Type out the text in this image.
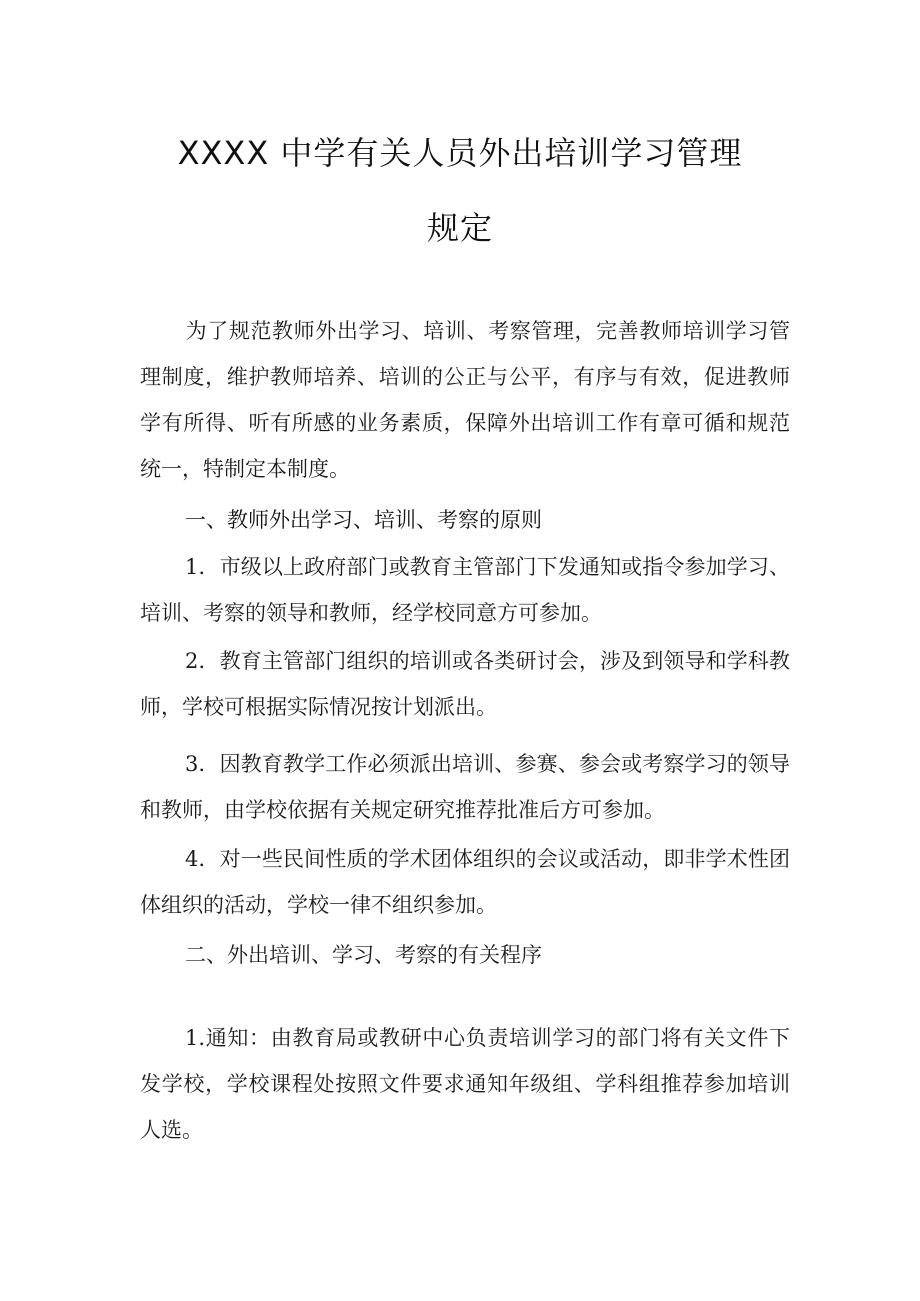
XXXX 中学有关人员外出培训学习管理
规定

为了规范教师外出学习、培训、考察管理，完善教师培训学习管理制度，维护教师培养、培训的公正与公平，有序与有效，促进教师学有所得、听有所感的业务素质，保障外出培训工作有章可循和规范统一，特制定本制度。

一、教师外出学习、培训、考察的原则

1．市级以上政府部门或教育主管部门下发通知或指令参加学习、培训、考察的领导和教师，经学校同意方可参加。

2．教育主管部门组织的培训或各类研讨会，涉及到领导和学科教师，学校可根据实际情况按计划派出。

3．因教育教学工作必须派出培训、参赛、参会或考察学习的领导和教师，由学校依据有关规定研究推荐批准后方可参加。

4．对一些民间性质的学术团体组织的会议或活动，即非学术性团体组织的活动，学校一律不组织参加。

二、外出培训、学习、考察的有关程序

1.通知：由教育局或教研中心负责培训学习的部门将有关文件下发学校，学校课程处按照文件要求通知年级组、学科组推荐参加培训人选。
